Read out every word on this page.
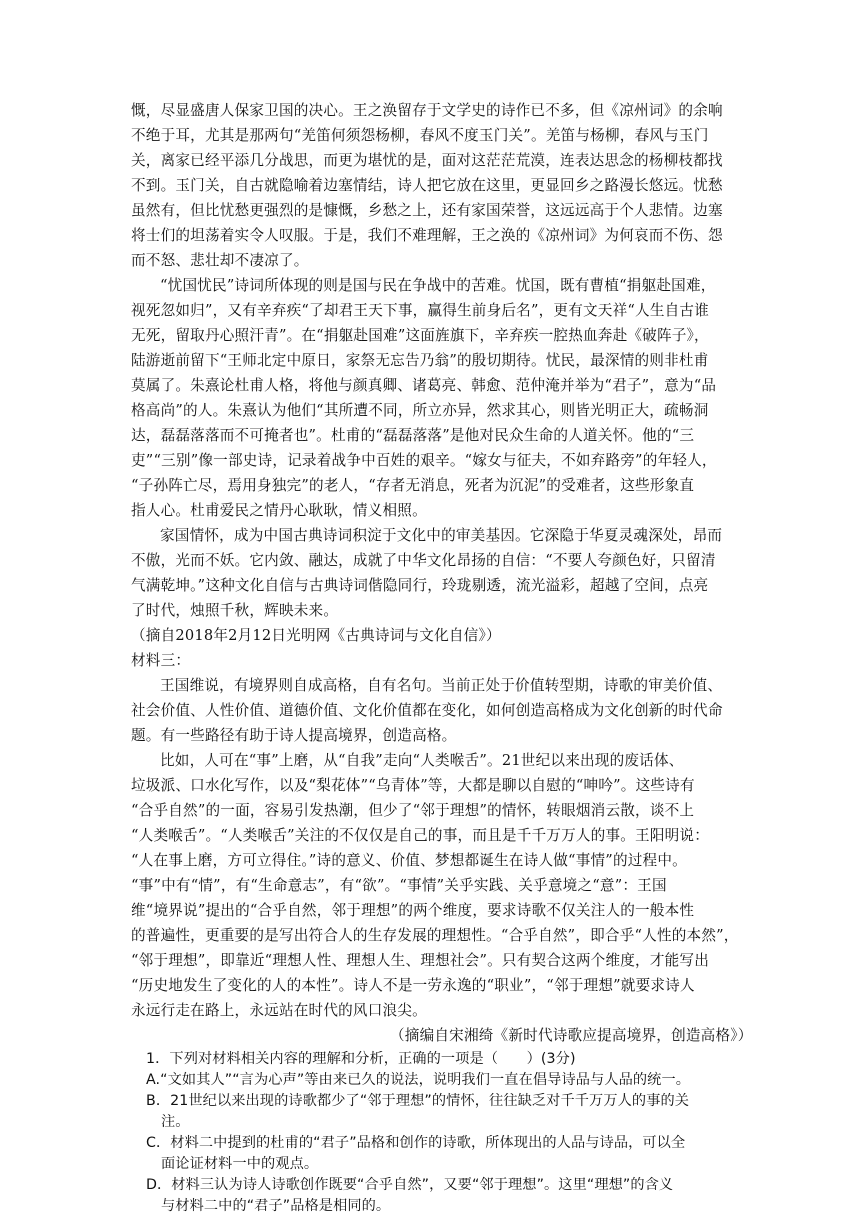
慨，尽显盛唐人保家卫国的决心。王之涣留存于文学史的诗作已不多，但《凉州词》的余响
不绝于耳，尤其是那两句“羌笛何须怨杨柳，春风不度玉门关”。羌笛与杨柳，春风与玉门
关，离家已经平添几分战思，而更为堪忧的是，面对这茫茫荒漠，连表达思念的杨柳枝都找
不到。玉门关，自古就隐喻着边塞情结，诗人把它放在这里，更显回乡之路漫长悠远。忧愁
虽然有，但比忧愁更强烈的是慷慨，乡愁之上，还有家国荣誉，这远远高于个人悲情。边塞
将士们的坦荡着实令人叹服。于是，我们不难理解，王之涣的《凉州词》为何哀而不伤、怨
而不怒、悲壮却不凄凉了。
“忧国忧民”诗词所体现的则是国与民在争战中的苦难。忧国，既有曹植“捐躯赴国难，
视死忽如归”，又有辛弃疾“了却君王天下事，赢得生前身后名”，更有文天祥“人生自古谁
无死，留取丹心照汗青”。在“捐躯赴国难”这面旌旗下，辛弃疾一腔热血奔赴《破阵子》，
陆游逝前留下“王师北定中原日，家祭无忘告乃翁”的殷切期待。忧民，最深情的则非杜甫
莫属了。朱熹论杜甫人格，将他与颜真卿、诸葛亮、韩愈、范仲淹并举为“君子”，意为“品
格高尚”的人。朱熹认为他们“其所遭不同，所立亦异，然求其心，则皆光明正大，疏畅洞
达，磊磊落落而不可掩者也”。杜甫的“磊磊落落”是他对民众生命的人道关怀。他的“三
吏”“三别”像一部史诗，记录着战争中百姓的艰辛。“嫁女与征夫，不如弃路旁”的年轻人，
“子孙阵亡尽，焉用身独完”的老人，“存者无消息，死者为沉泥”的受难者，这些形象直
指人心。杜甫爱民之情丹心耿耿，情义相照。
家国情怀，成为中国古典诗词积淀于文化中的审美基因。它深隐于华夏灵魂深处，昂而
不傲，光而不妖。它内敛、融达，成就了中华文化昂扬的自信：“不要人夸颜色好，只留清
气满乾坤。”这种文化自信与古典诗词偕隐同行，玲珑剔透，流光溢彩，超越了空间，点亮
了时代，烛照千秋，辉映未来。
（摘自2018年2月12日光明网《古典诗词与文化自信》）
材料三：
王国维说，有境界则自成高格，自有名句。当前正处于价值转型期，诗歌的审美价值、
社会价值、人性价值、道德价值、文化价值都在变化，如何创造高格成为文化创新的时代命
题。有一些路径有助于诗人提高境界，创造高格。
比如，人可在“事”上磨，从“自我”走向“人类喉舌”。21世纪以来出现的废话体、
垃圾派、口水化写作，以及“梨花体”“乌青体”等，大都是聊以自慰的“呻吟”。这些诗有
“合乎自然”的一面，容易引发热潮，但少了“邻于理想”的情怀，转眼烟消云散，谈不上
“人类喉舌”。“人类喉舌”关注的不仅仅是自己的事，而且是千千万万人的事。王阳明说：
“人在事上磨，方可立得住。”诗的意义、价值、梦想都诞生在诗人做“事情”的过程中。
“事”中有“情”，有“生命意志”，有“欲”。“事情”关乎实践、关乎意境之“意”：王国
维“境界说”提出的“合乎自然，邻于理想”的两个维度，要求诗歌不仅关注人的一般本性
的普遍性，更重要的是写出符合人的生存发展的理想性。“合乎自然”，即合乎“人性的本然”，
“邻于理想”，即靠近“理想人性、理想人生、理想社会”。只有契合这两个维度，才能写出
“历史地发生了变化的人的本性”。诗人不是一劳永逸的“职业”，“邻于理想”就要求诗人
永远行走在路上，永远站在时代的风口浪尖。
（摘编自宋湘绮《新时代诗歌应提高境界，创造高格》）
1．下列对材料相关内容的理解和分析，正确的一项是（　　）(3分)
A.“文如其人”“言为心声”等由来已久的说法，说明我们一直在倡导诗品与人品的统一。
B．21世纪以来出现的诗歌都少了“邻于理想”的情怀，往往缺乏对千千万万人的事的关
注。
C．材料二中提到的杜甫的“君子”品格和创作的诗歌，所体现出的人品与诗品，可以全
面论证材料一中的观点。
D．材料三认为诗人诗歌创作既要“合乎自然”，又要“邻于理想”。这里“理想”的含义
与材料二中的“君子”品格是相同的。
